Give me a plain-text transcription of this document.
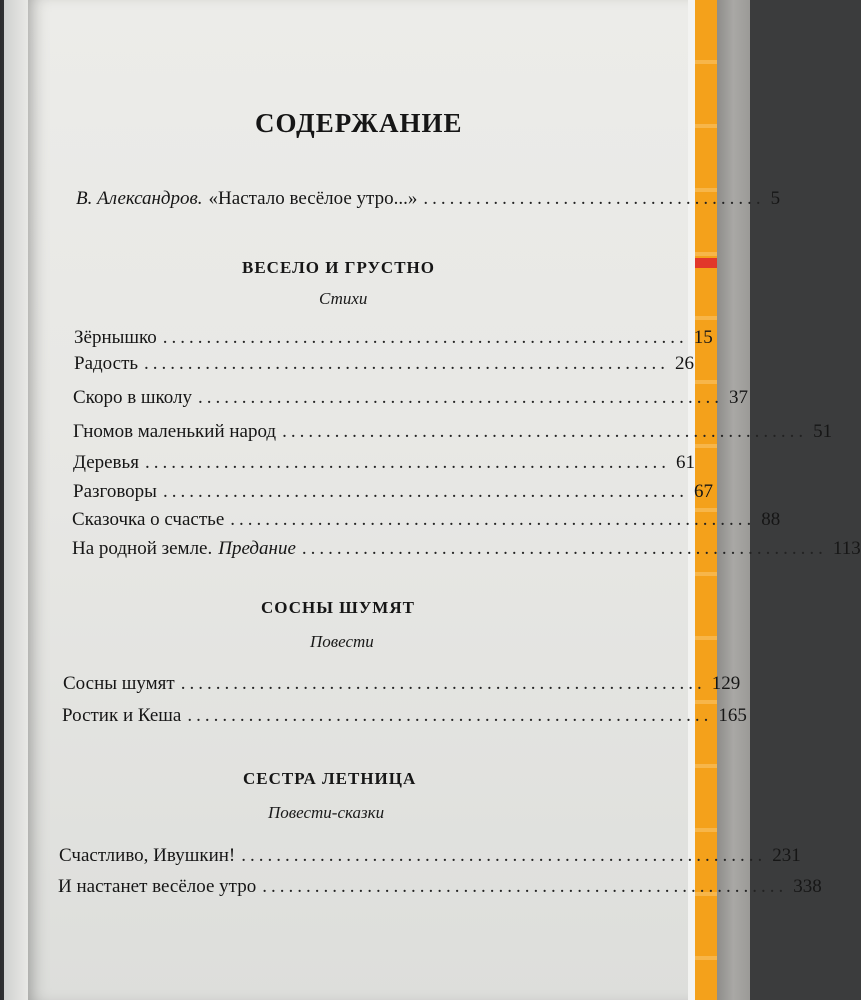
СОДЕРЖАНИЕ
В. Александров. «Настало весёлое утро...» ....................................... 5
ВЕСЕЛО И ГРУСТНО
Стихи
Зёрнышко ............................................................ 15
Радость ............................................................ 26
Скоро в школу ............................................................ 37
Гномов маленький народ ............................................................ 51
Деревья ............................................................ 61
Разговоры ............................................................ 67
Сказочка о счастье ............................................................ 88
На родной земле. Предание ............................................................ 113
СОСНЫ ШУМЯТ
Повести
Сосны шумят ............................................................ 129
Ростик и Кеша ............................................................ 165
СЕСТРА ЛЕТНИЦА
Повести-сказки
Счастливо, Ивушкин! ............................................................ 231
И настанет весёлое утро ............................................................ 338
